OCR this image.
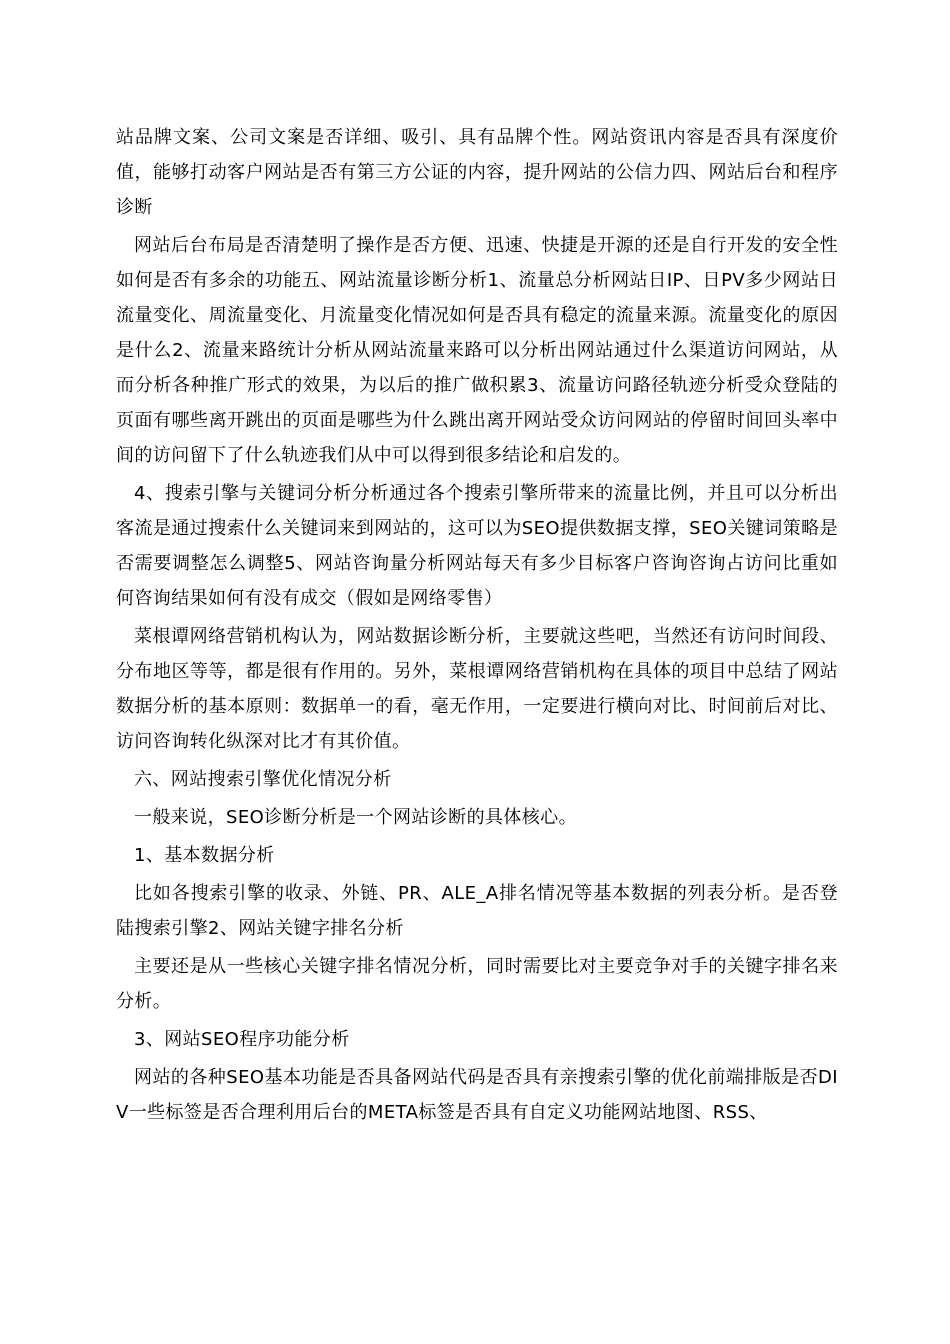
站品牌文案、公司文案是否详细、吸引、具有品牌个性。网站资讯内容是否具有深度价值，能够打动客户网站是否有第三方公证的内容，提升网站的公信力四、网站后台和程序诊断

网站后台布局是否清楚明了操作是否方便、迅速、快捷是开源的还是自行开发的安全性如何是否有多余的功能五、网站流量诊断分析1、流量总分析网站日IP、日PV多少网站日流量变化、周流量变化、月流量变化情况如何是否具有稳定的流量来源。流量变化的原因是什么2、流量来路统计分析从网站流量来路可以分析出网站通过什么渠道访问网站，从而分析各种推广形式的效果，为以后的推广做积累3、流量访问路径轨迹分析受众登陆的页面有哪些离开跳出的页面是哪些为什么跳出离开网站受众访问网站的停留时间回头率中间的访问留下了什么轨迹我们从中可以得到很多结论和启发的。

4、搜索引擎与关键词分析分析通过各个搜索引擎所带来的流量比例，并且可以分析出客流是通过搜索什么关键词来到网站的，这可以为SEO提供数据支撑，SEO关键词策略是否需要调整怎么调整5、网站咨询量分析网站每天有多少目标客户咨询咨询占访问比重如何咨询结果如何有没有成交（假如是网络零售）

菜根谭网络营销机构认为，网站数据诊断分析，主要就这些吧，当然还有访问时间段、分布地区等等，都是很有作用的。另外，菜根谭网络营销机构在具体的项目中总结了网站数据分析的基本原则：数据单一的看，毫无作用，一定要进行横向对比、时间前后对比、访问咨询转化纵深对比才有其价值。

六、网站搜索引擎优化情况分析

一般来说，SEO诊断分析是一个网站诊断的具体核心。

1、基本数据分析

比如各搜索引擎的收录、外链、PR、ALE_A排名情况等基本数据的列表分析。是否登陆搜索引擎2、网站关键字排名分析

主要还是从一些核心关键字排名情况分析，同时需要比对主要竞争对手的关键字排名来分析。

3、网站SEO程序功能分析

网站的各种SEO基本功能是否具备网站代码是否具有亲搜索引擎的优化前端排版是否DIV一些标签是否合理利用后台的META标签是否具有自定义功能网站地图、RSS、
